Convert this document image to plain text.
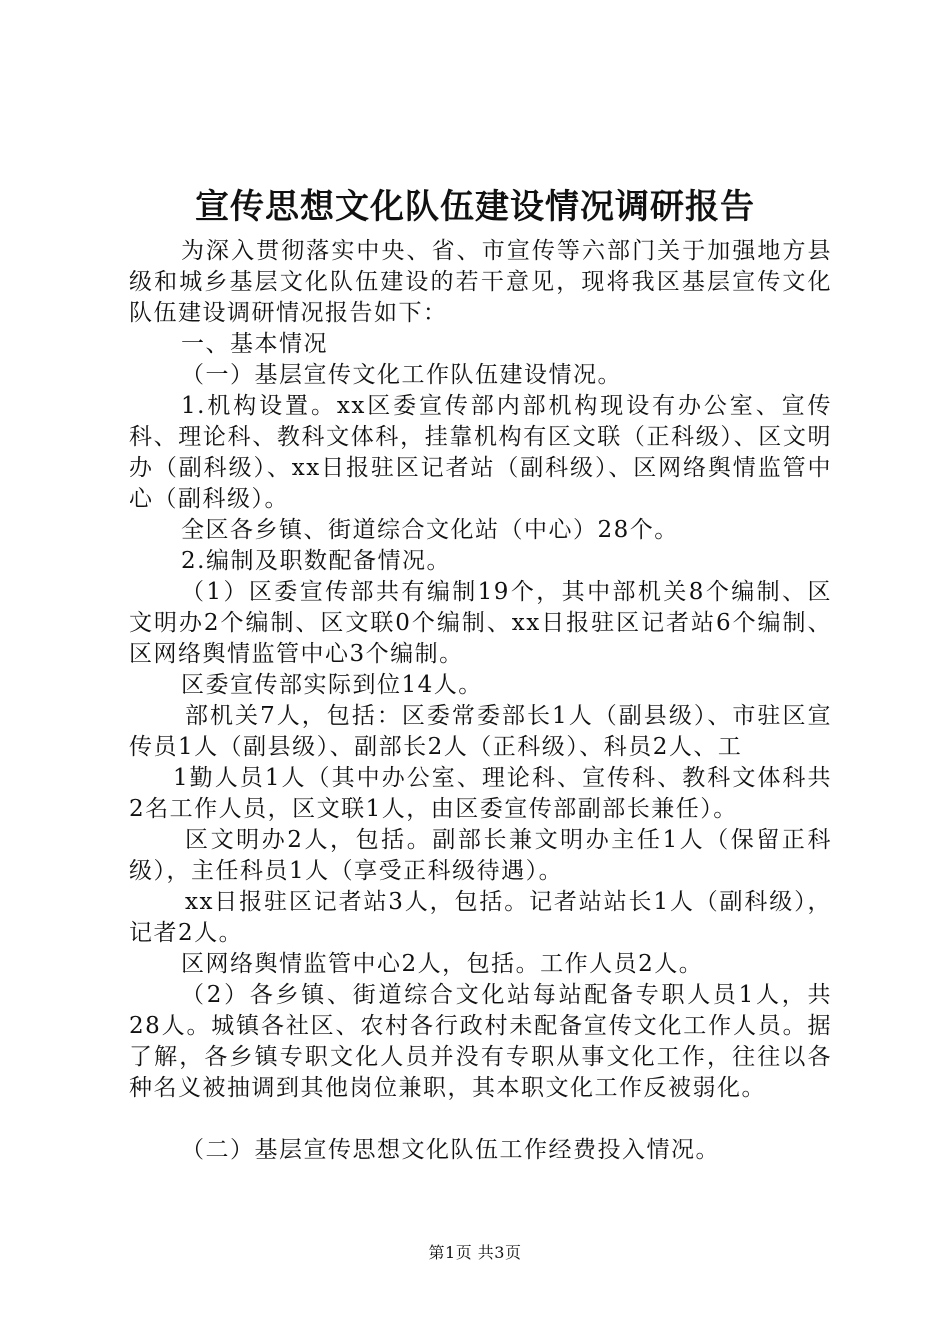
宣传思想文化队伍建设情况调研报告

为深入贯彻落实中央、省、市宣传等六部门关于加强地方县级和城乡基层文化队伍建设的若干意见，现将我区基层宣传文化队伍建设调研情况报告如下：

一、基本情况

（一）基层宣传文化工作队伍建设情况。

1.机构设置。xx区委宣传部内部机构现设有办公室、宣传科、理论科、教科文体科，挂靠机构有区文联（正科级）、区文明办（副科级）、xx日报驻区记者站（副科级）、区网络舆情监管中心（副科级）。

全区各乡镇、街道综合文化站（中心）28个。

2.编制及职数配备情况。

（1）区委宣传部共有编制19个，其中部机关8个编制、区文明办2个编制、区文联0个编制、xx日报驻区记者站6个编制、区网络舆情监管中心3个编制。

区委宣传部实际到位14人。

部机关7人，包括：区委常委部长1人（副县级）、市驻区宣传员1人（副县级）、副部长2人（正科级）、科员2人、工

1勤人员1人（其中办公室、理论科、宣传科、教科文体科共2名工作人员，区文联1人，由区委宣传部副部长兼任）。

区文明办2人，包括。副部长兼文明办主任1人（保留正科级），主任科员1人（享受正科级待遇）。

xx日报驻区记者站3人，包括。记者站站长1人（副科级），记者2人。

区网络舆情监管中心2人，包括。工作人员2人。

（2）各乡镇、街道综合文化站每站配备专职人员1人，共28人。城镇各社区、农村各行政村未配备宣传文化工作人员。据了解，各乡镇专职文化人员并没有专职从事文化工作，往往以各种名义被抽调到其他岗位兼职，其本职文化工作反被弱化。

（二）基层宣传思想文化队伍工作经费投入情况。

第1页 共3页
